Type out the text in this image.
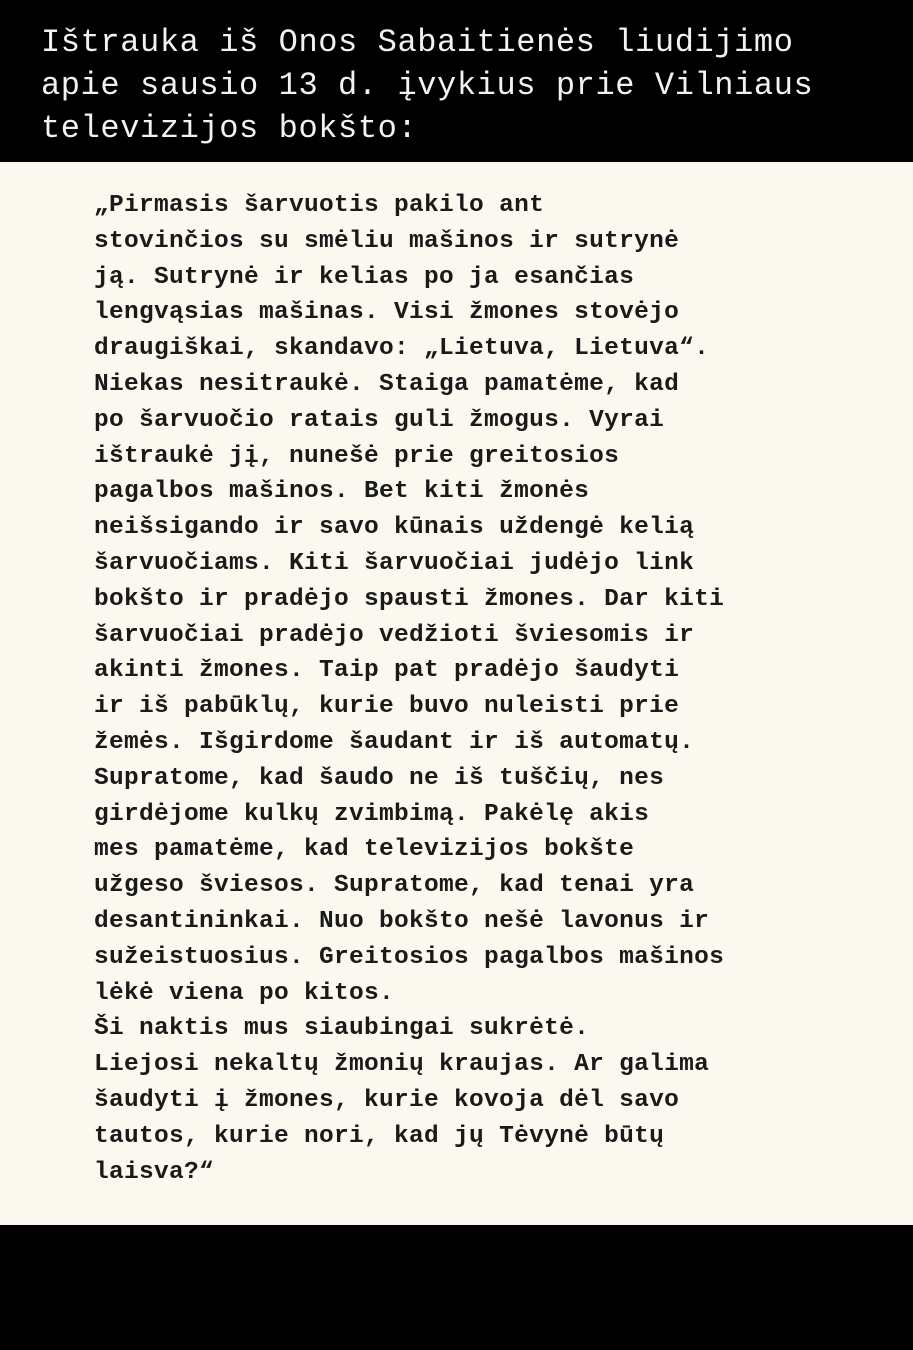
Ištrauka iš Onos Sabaitienės liudijimo
apie sausio 13 d. įvykius prie Vilniaus
televizijos bokšto:

„Pirmasis šarvuotis pakilo ant
stovinčios su smėliu mašinos ir sutrynė
ją. Sutrynė ir kelias po ja esančias
lengvąsias mašinas. Visi žmones stovėjo
draugiškai, skandavo: „Lietuva, Lietuva“.
Niekas nesitraukė. Staiga pamatėme, kad
po šarvuočio ratais guli žmogus. Vyrai
ištraukė jį, nunešė prie greitosios
pagalbos mašinos. Bet kiti žmonės
neišsigando ir savo kūnais uždengė kelią
šarvuočiams. Kiti šarvuočiai judėjo link
bokšto ir pradėjo spausti žmones. Dar kiti
šarvuočiai pradėjo vedžioti šviesomis ir
akinti žmones. Taip pat pradėjo šaudyti
ir iš pabūklų, kurie buvo nuleisti prie
žemės. Išgirdome šaudant ir iš automatų.
Supratome, kad šaudo ne iš tuščių, nes
girdėjome kulkų zvimbimą. Pakėlę akis
mes pamatėme, kad televizijos bokšte
užgeso šviesos. Supratome, kad tenai yra
desantininkai. Nuo bokšto nešė lavonus ir
sužeistuosius. Greitosios pagalbos mašinos
lėkė viena po kitos.

Ši naktis mus siaubingai sukrėtė.
Liejosi nekaltų žmonių kraujas. Ar galima
šaudyti į žmones, kurie kovoja dėl savo
tautos, kurie nori, kad jų Tėvynė būtų
laisva?“
